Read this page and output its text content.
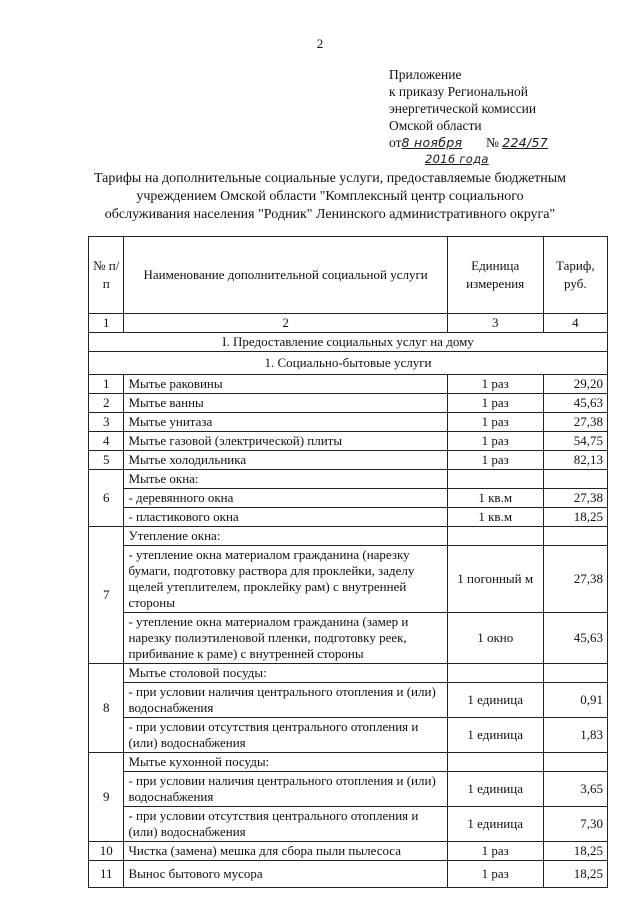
2
Приложение
к приказу Региональной
энергетической комиссии
Омской области
от8 ноября № 224/57
2016 года
Тарифы на дополнительные социальные услуги, предоставляемые бюджетным
учреждением Омской области "Комплексный центр социального
обслуживания населения "Родник" Ленинского административного округа"
№ п/п	Наименование дополнительной социальной услуги	Единица измерения	Тариф, руб.
1	2	3	4
I. Предоставление социальных услуг на дому			
1. Социально-бытовые услуги			
1	Мытье раковины	1 раз	29,20
2	Мытье ванны	1 раз	45,63
3	Мытье унитаза	1 раз	27,38
4	Мытье газовой (электрической) плиты	1 раз	54,75
5	Мытье холодильника	1 раз	82,13
6	Мытье окна:		
	- деревянного окна	1 кв.м	27,38
	- пластикового окна	1 кв.м	18,25
7	Утепление окна:		
	- утепление окна материалом гражданина (нарезку бумаги, подготовку раствора для проклейки, заделу щелей утеплителем, проклейку рам) с внутренней стороны	1 погонный м	27,38
	- утепление окна материалом гражданина (замер и нарезку полиэтиленовой пленки, подготовку реек, прибивание к раме) с внутренней стороны	1 окно	45,63
8	Мытье столовой посуды:		
	- при условии наличия центрального отопления и (или) водоснабжения	1 единица	0,91
	- при условии отсутствия центрального отопления и (или) водоснабжения	1 единица	1,83
9	Мытье кухонной посуды:		
	- при условии наличия центрального отопления и (или) водоснабжения	1 единица	3,65
	- при условии отсутствия центрального отопления и (или) водоснабжения	1 единица	7,30
10	Чистка (замена) мешка для сбора пыли пылесоса	1 раз	18,25
11	Вынос бытового мусора	1 раз	18,25
